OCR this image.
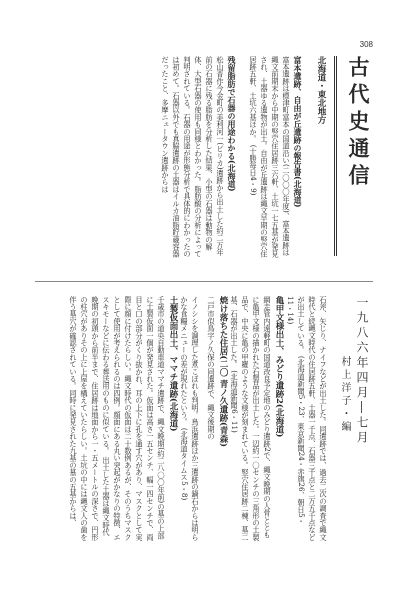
308
古代史通信
北海道・東北地方

富本遺跡、自由が丘遺跡の報告書(北海道)
富本遺跡は標津町富本の国道沿い(二〇〇〇年度)、富本遺跡は縄文前期末から中期の竪穴住居跡三六軒、土坑一七五基が発見され、土器ゆる遺物が出土。自由が丘遺跡は縄文早期の竪穴住居跡五軒、土坑六基ほか。 (十勝毎日4・9)
残留脂肪で石器の用途わかる(北海道)
松山晋作今金町の美利河一(ピリカ)遺跡から出土した約二万年前の石器に残る脂肪を分析した結果、小型の石器は動物の解体、大型石器の使用も同様とわかった。脂肪酸の分析によって判明されている。石器の用途が形態分析で具体的にわかったのは初めて。石器以外でも真脇遺跡の土器はイルカ油脂貯蔵容器だったこと、多摩ニュータウン遺跡からは
一九八六年四月―七月
村上洋子・編
石斧、矢じり、ナイフなどが出土した。同遺跡では、過去二次の調査で縄文時代と続縄文時代の住居跡五軒、土器一千点、石器三千点と二万五千点などが出土している。 (北海道新聞5・23、東京新聞24・赤旗26、朝日5・11・14)
亀甲文様出土、みどり遺跡2(北海道)
網走管内遠軽町の国道改良予定地のみどり遺跡2で、縄文晩期の人骨とともに亀甲文様の描かれた石製品が出土した。一辺約一〇センチの三角形の土製品で、中央に亀の甲羅のような文様が刻まれている。竪穴住居跡二棟、墓二基、石器が出土した。 (北海道新聞6・11)
焼け落ちた住居(二〇 青ノ久遺跡(青森)
二戸市似鳥字ノ久保の同遺跡で、縄文後期の
イノシシを調理した煮こぼれも判明。鳥浜遺跡ほか三遺跡の鍋石からは明らかな食糧メニューの差が現れたという。 (北海道タイムス5・8)
土製仮面出土、ママチ遺跡(北海道)
千歳市の道央自動車道ママチ遺跡で、縄文晩期(約二八〇〇年前)の墓の上部に土製仮面一個が発見された。仮面は高さ一五センチ、幅一四センチで、両目と口の部分がくり抜かれ、耳の上下に孔を通す穴があり、マスクとして実際に顔に付けたらしい。縄文時代の仮面は二十数例あるが、そのうちマスクとして使用が考えられるのは四例。顔面にある丸い突起がかなりの特徴、エスキモーなどに伝わる葬送用のものに似ている。 出土した土器は縄文時代晩期の初頭から前半まで、住居跡は地面から一・五メートルの深さで、円形の柱穴がありその上に上屋を構えていたらしい。土坑の中には縄文人の歯を伴う墓穴が確認されている。同時に発見された九基の墓の五基からは、
